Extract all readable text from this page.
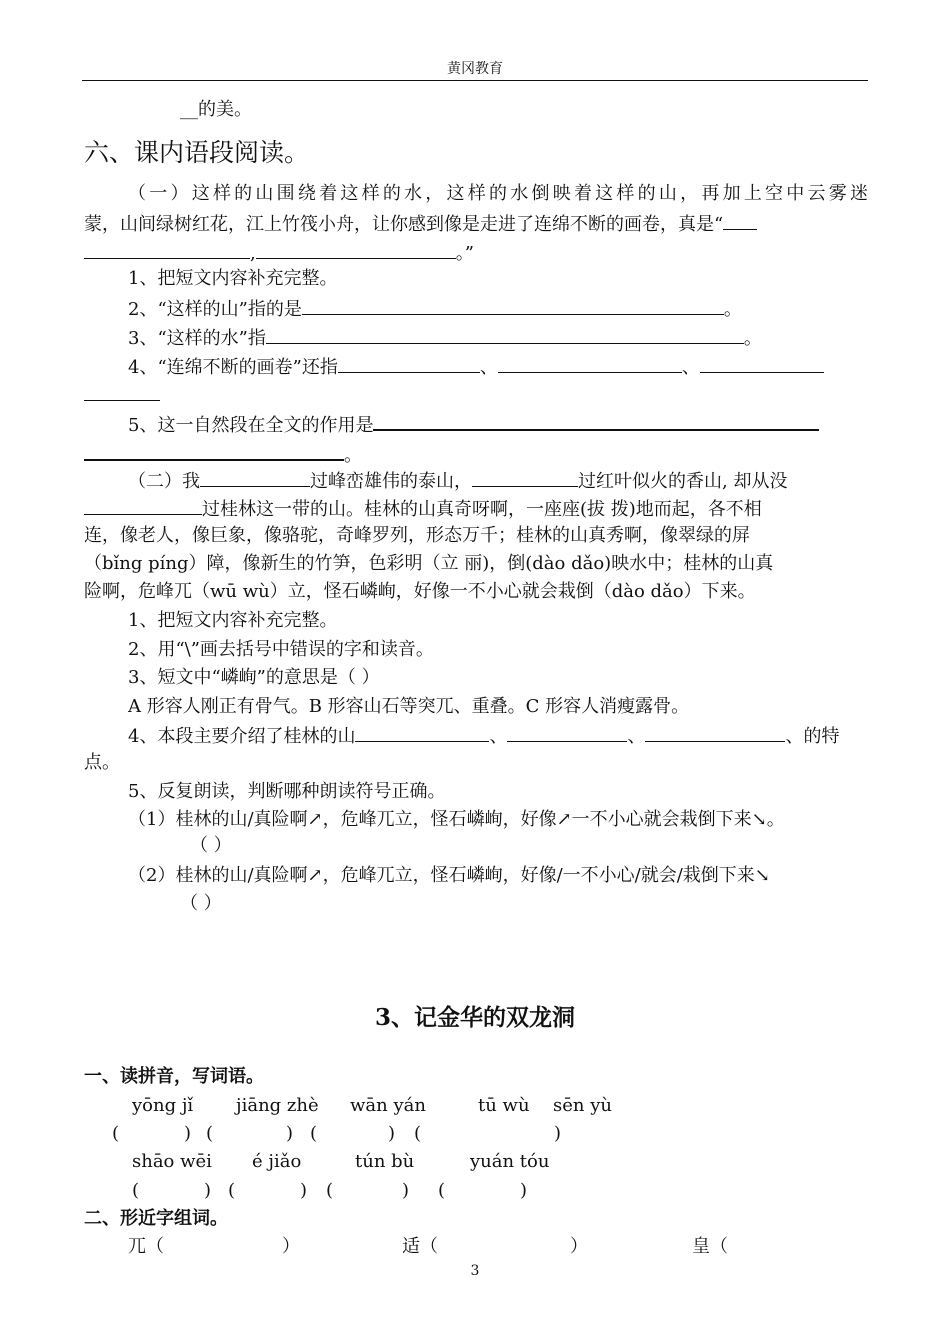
黄冈教育
__的美。
六、课内语段阅读。
（一）这样的山围绕着这样的水，这样的水倒映着这样的山，再加上空中云雾迷
蒙，山间绿树红花，江上竹筏小舟，让你感到像是走进了连绵不断的画卷，真是“
,	。”
1、把短文内容补充完整。
2、“这样的山”指的是	。
3、“这样的水”指	。
4、“连绵不断的画卷”还指	、	、
5、这一自然段在全文的作用是
。
（二）我	过峰峦雄伟的泰山，	过红叶似火的香山, 却从没
过桂林这一带的山。桂林的山真奇呀啊，一座座(拔 拨)地而起，各不相
连，像老人，像巨象，像骆驼，奇峰罗列，形态万千；桂林的山真秀啊，像翠绿的屏
（bǐng píng）障，像新生的竹笋，色彩明（立 丽)，倒(dào dǎo)映水中；桂林的山真
险啊，危峰兀（wū wù）立，怪石嶙峋，好像一不小心就会栽倒（dào dǎo）下来。
1、把短文内容补充完整。
2、用“\”画去括号中错误的字和读音。
3、短文中“嶙峋”的意思是（ ）
A 形容人刚正有骨气。B 形容山石等突兀、重叠。C 形容人消瘦露骨。
4、本段主要介绍了桂林的山	、	、	、的特
点。
5、反复朗读，判断哪种朗读符号正确。
（1）桂林的山/真险啊↗，危峰兀立，怪石嶙峋，好像↗一不小心就会栽倒下来↘。
（ ）
（2）桂林的山/真险啊↗，危峰兀立，怪石嶙峋，好像/一不小心/就会/栽倒下来↘
（ ）
3、记金华的双龙洞
一、读拼音，写词语。
yōng jǐ jiāng zhè wān yán	tū wù sēn yù
(	) (	) (	) (	)
shāo wēi é jiǎo	tún bù	yuán tóu
(	) (	) (	) (	)
二、形近字组词。
兀（	）	适（	）	皇（
3
